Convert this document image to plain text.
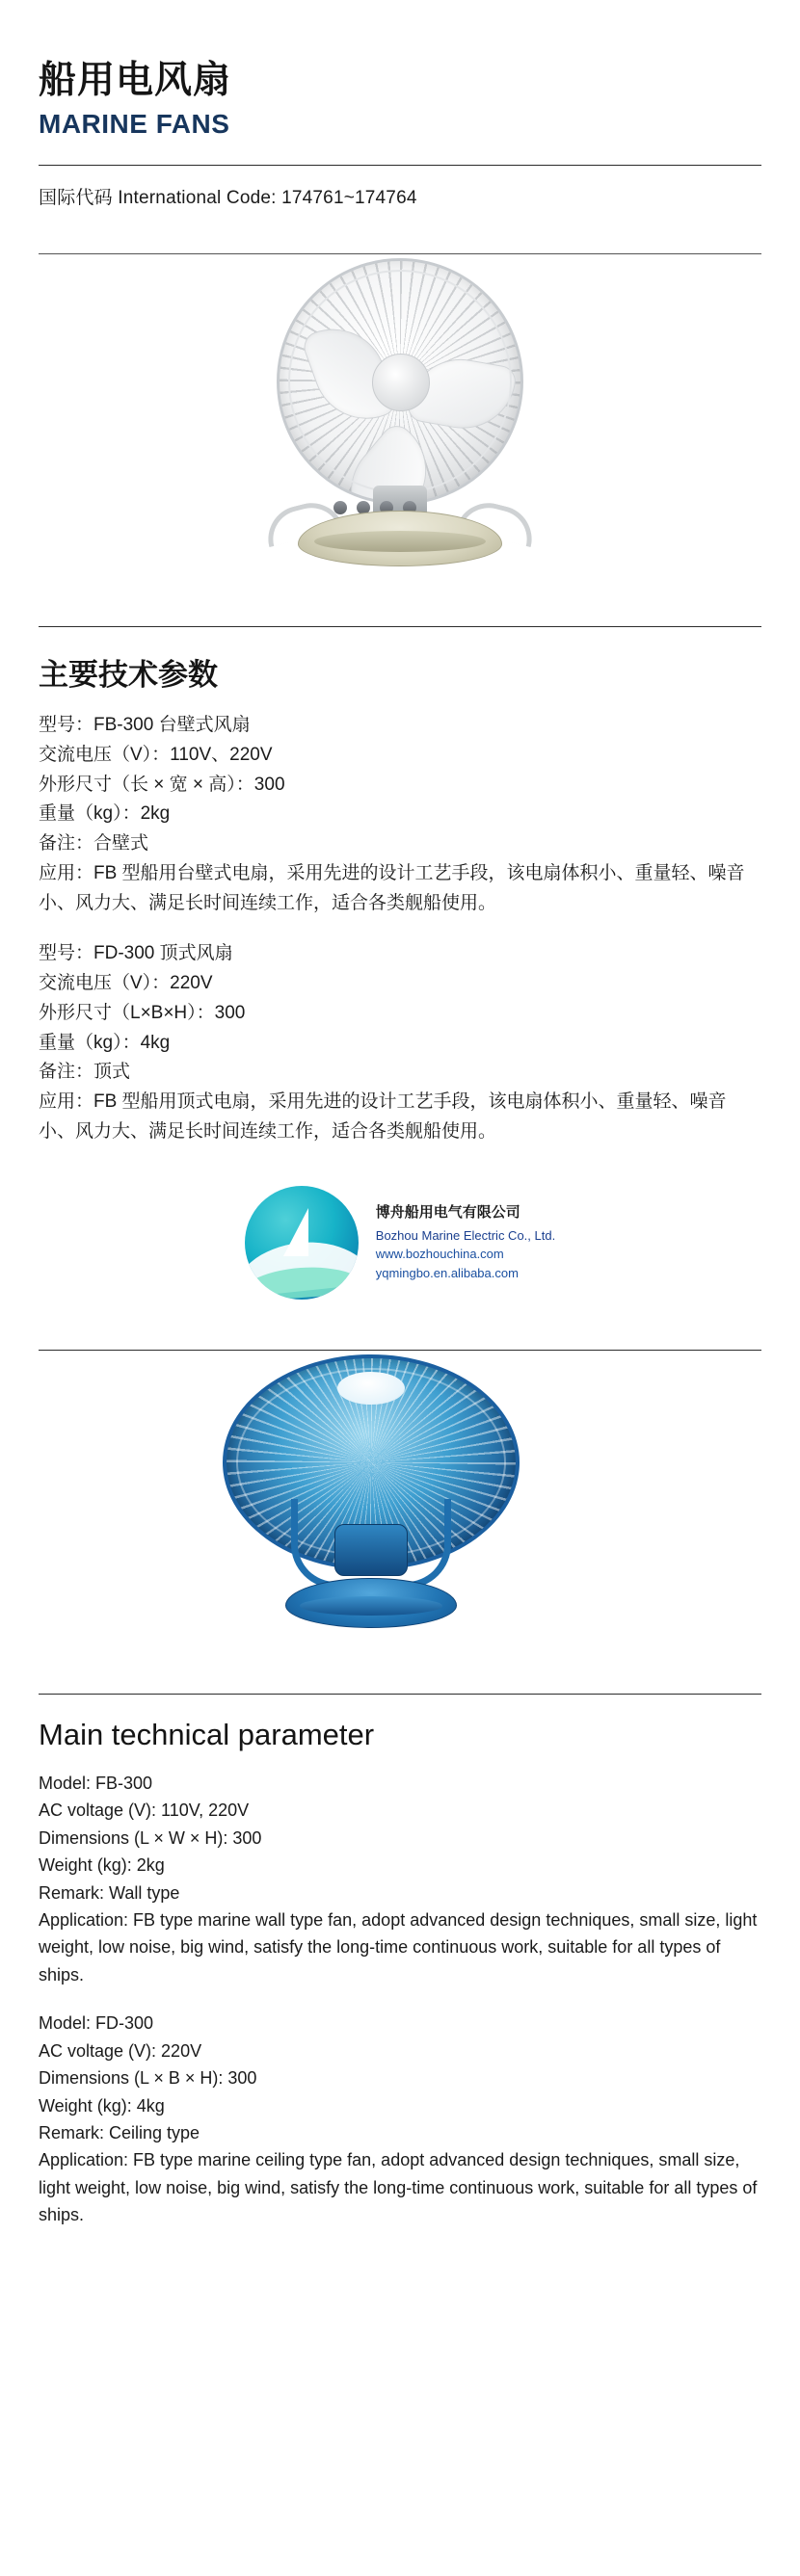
船用电风扇
MARINE FANS
国际代码 International Code: 174761~174764
主要技术参数

型号：FB-300 台壁式风扇

交流电压（V）：110V、220V

外形尺寸（长 × 宽 × 高）：300

重量（kg）：2kg

备注：合壁式

应用：FB 型船用台壁式电扇，采用先进的设计工艺手段，该电扇体积小、重量轻、噪音小、风力大、满足长时间连续工作，适合各类舰船使用。

型号：FD-300 顶式风扇

交流电压（V）：220V

外形尺寸（L×B×H）：300

重量（kg）：4kg

备注：顶式

应用：FB 型船用顶式电扇，采用先进的设计工艺手段，该电扇体积小、重量轻、噪音小、风力大、满足长时间连续工作，适合各类舰船使用。

博舟船用电气有限公司
Bozhou Marine Electric Co., Ltd.
www.bozhouchina.com
yqmingbo.en.alibaba.com
Main technical parameter

Model: FB-300

AC voltage (V): 110V, 220V

Dimensions (L × W × H): 300

Weight (kg): 2kg

Remark: Wall type

Application: FB type marine wall type fan, adopt advanced design techniques, small size, light weight, low noise, big wind, satisfy the long-time continuous work, suitable for all types of ships.

Model: FD-300

AC voltage (V): 220V

Dimensions (L × B × H): 300

Weight (kg): 4kg

Remark: Ceiling type

Application: FB type marine ceiling type fan, adopt advanced design techniques, small size, light weight, low noise, big wind, satisfy the long-time continuous work, suitable for all types of ships.
